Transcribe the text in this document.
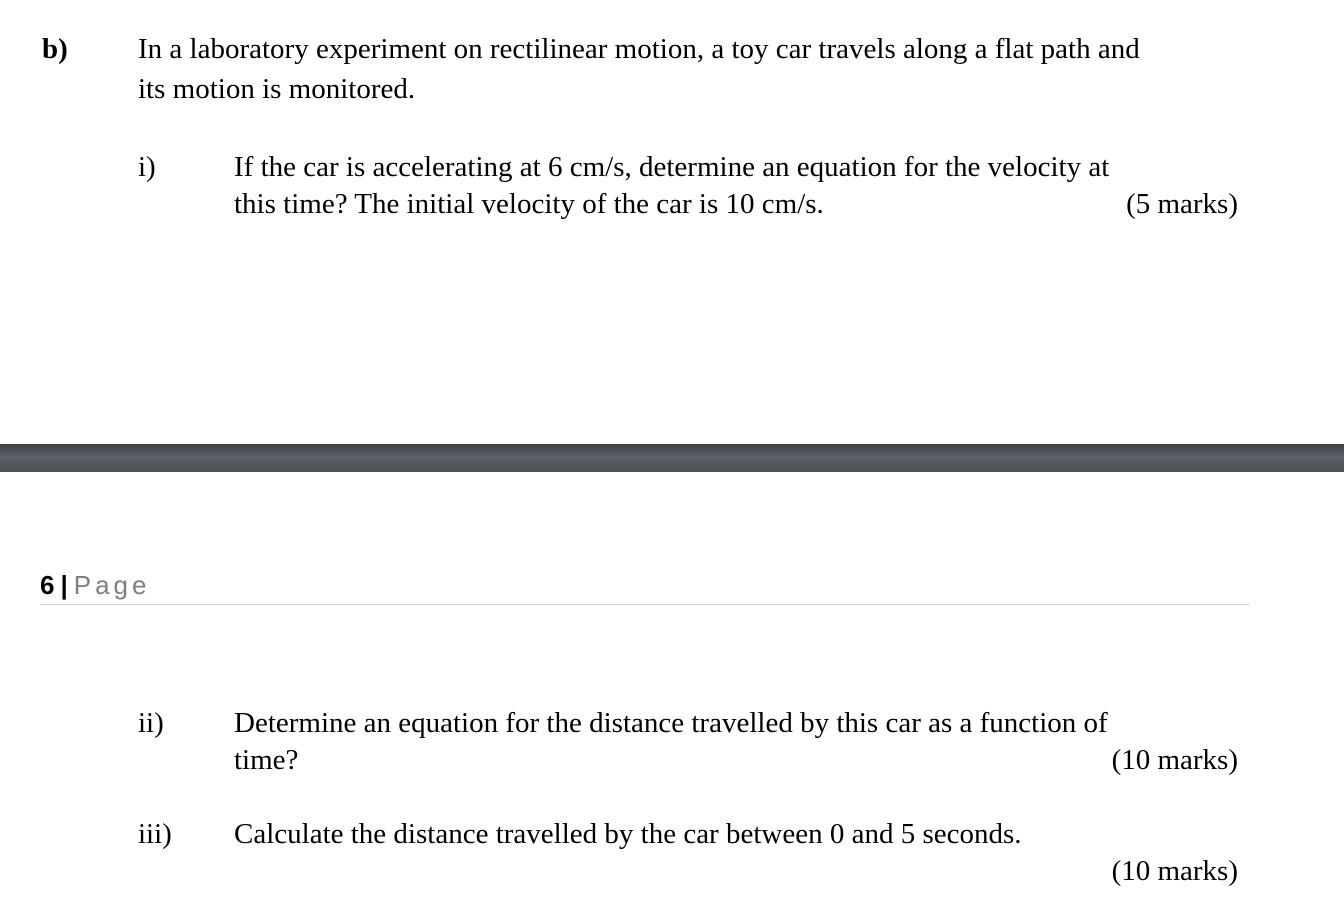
b) In a laboratory experiment on rectilinear motion, a toy car travels along a flat path and
its motion is monitored.
i)	If the car is accelerating at 6 cm/s, determine an equation for the velocity at
this time? The initial velocity of the car is 10 cm/s.	(5 marks)
6 | Page
ii) Determine an equation for the distance travelled by this car as a function of
time?	(10 marks)
iii) Calculate the distance travelled by the car between 0 and 5 seconds.
(10 marks)
